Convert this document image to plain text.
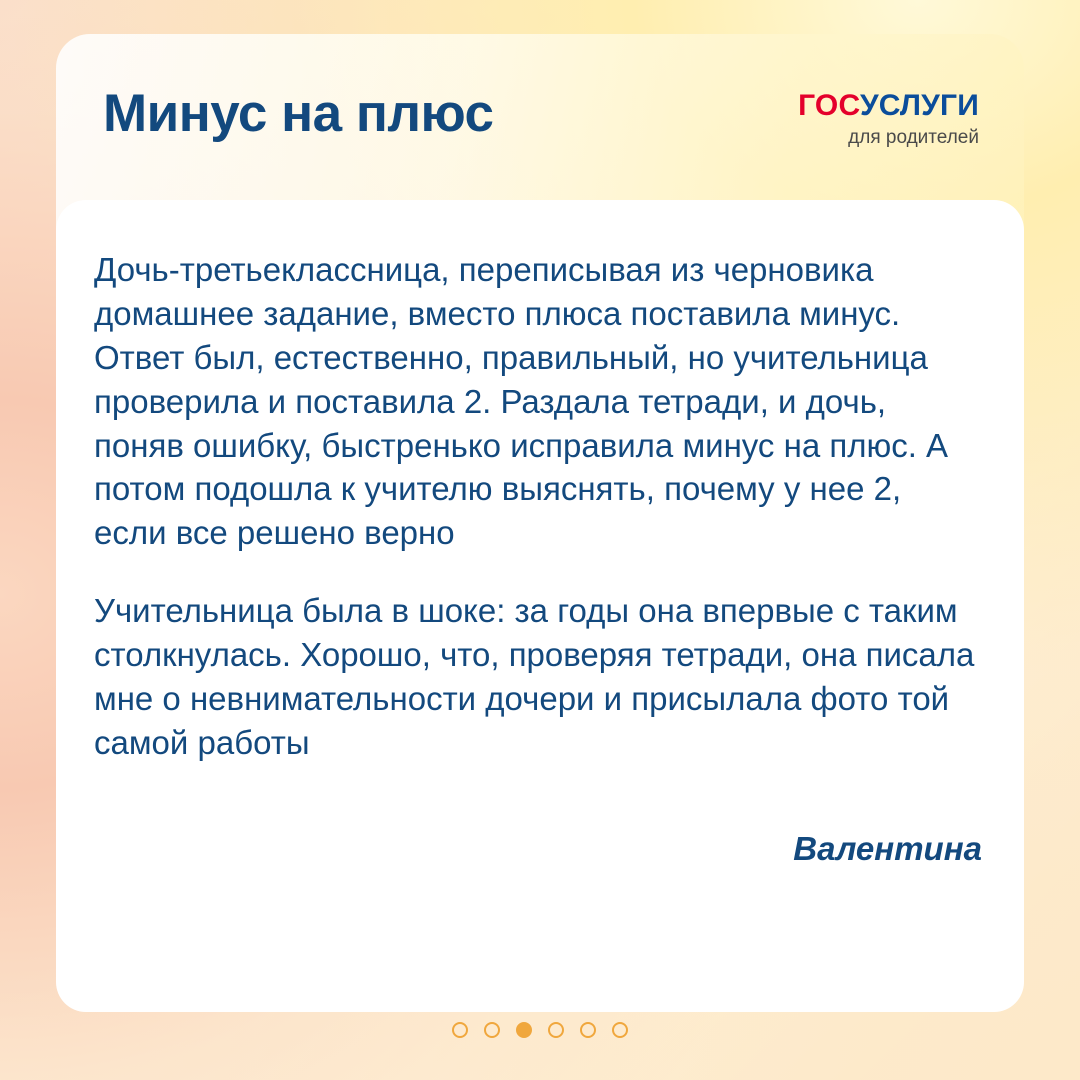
Минус на плюс	ГОСУСЛУГИ
для родителей

Дочь-третьеклассница, переписывая из черновика домашнее задание, вместо плюса поставила минус. Ответ был, естественно, правильный, но учительница проверила и поставила 2. Раздала тетради, и дочь, поняв ошибку, быстренько исправила минус на плюс. А потом подошла к учителю выяснять, почему у нее 2, если все решено верно

Учительница была в шоке: за годы она впервые с таким столкнулась. Хорошо, что, проверяя тетради, она писала мне о невнимательности дочери и присылала фото той самой работы

Валентина
